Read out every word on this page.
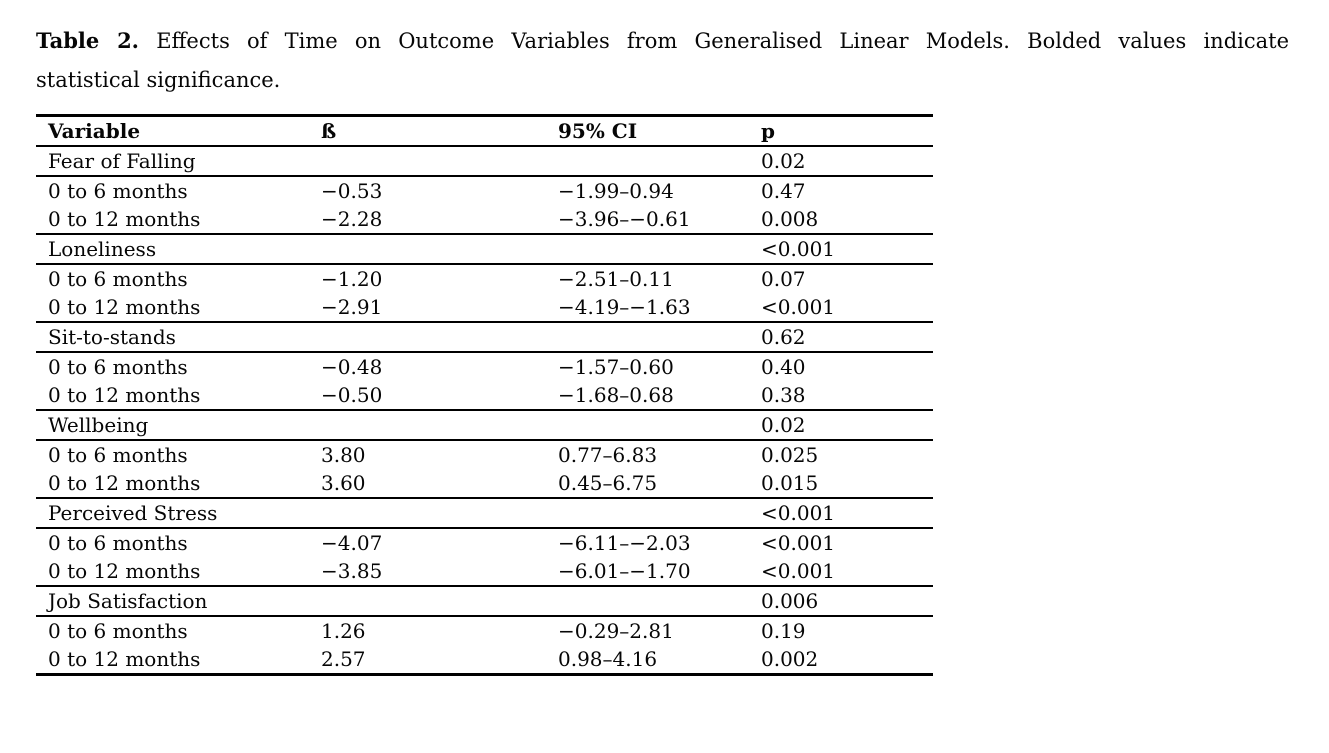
Table 2. Effects of Time on Outcome Variables from Generalised Linear Models. Bolded values indicate
statistical significance.
Variable	ß	95% CI	p
Fear of Falling			0.02
0 to 6 months	−0.53	−1.99–0.94	0.47
0 to 12 months	−2.28	−3.96–−0.61	0.008
Loneliness			<0.001
0 to 6 months	−1.20	−2.51–0.11	0.07
0 to 12 months	−2.91	−4.19–−1.63	<0.001
Sit-to-stands			0.62
0 to 6 months	−0.48	−1.57–0.60	0.40
0 to 12 months	−0.50	−1.68–0.68	0.38
Wellbeing			0.02
0 to 6 months	3.80	0.77–6.83	0.025
0 to 12 months	3.60	0.45–6.75	0.015
Perceived Stress			<0.001
0 to 6 months	−4.07	−6.11–−2.03	<0.001
0 to 12 months	−3.85	−6.01–−1.70	<0.001
Job Satisfaction			0.006
0 to 6 months	1.26	−0.29–2.81	0.19
0 to 12 months	2.57	0.98–4.16	0.002
